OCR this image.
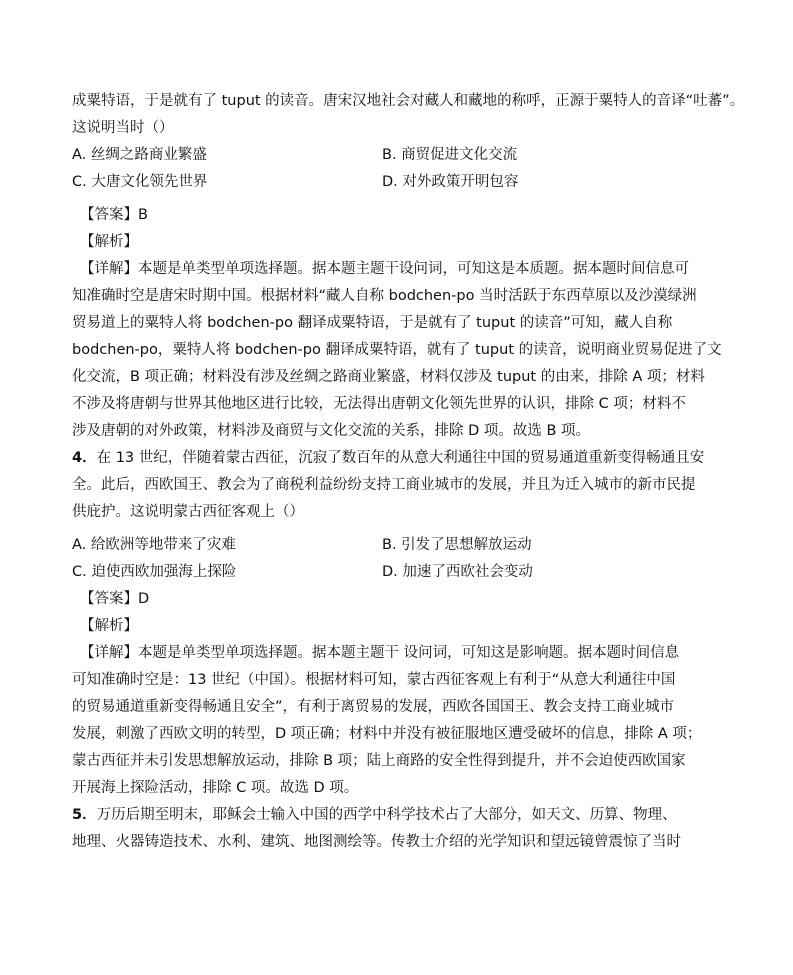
成粟特语，于是就有了 tuput 的读音。唐宋汉地社会对藏人和藏地的称呼，正源于粟特人的音译“吐蕃”。
这说明当时（）
A. 丝绸之路商业繁盛	B. 商贸促进文化交流
C. 大唐文化领先世界	D. 对外政策开明包容
【答案】B
【解析】
【详解】本题是单类型单项选择题。据本题主题干设问词，可知这是本质题。据本题时间信息可
知准确时空是唐宋时期中国。根据材料“藏人自称 bodchen-po 当时活跃于东西草原以及沙漠绿洲
贸易道上的粟特人将 bodchen-po 翻译成粟特语，于是就有了 tuput 的读音”可知，藏人自称
bodchen-po，粟特人将 bodchen-po 翻译成粟特语，就有了 tuput 的读音，说明商业贸易促进了文
化交流，B 项正确；材料没有涉及丝绸之路商业繁盛，材料仅涉及 tuput 的由来，排除 A 项；材料
不涉及将唐朝与世界其他地区进行比较，无法得出唐朝文化领先世界的认识，排除 C 项；材料不
涉及唐朝的对外政策，材料涉及商贸与文化交流的关系，排除 D 项。故选 B 项。
4．在 13 世纪，伴随着蒙古西征，沉寂了数百年的从意大利通往中国的贸易通道重新变得畅通且安
全。此后，西欧国王、教会为了商税利益纷纷支持工商业城市的发展，并且为迁入城市的新市民提
供庇护。这说明蒙古西征客观上（）
A. 给欧洲等地带来了灾难	B. 引发了思想解放运动
C. 迫使西欧加强海上探险	D. 加速了西欧社会变动
【答案】D
【解析】
【详解】本题是单类型单项选择题。据本题主题干 设问词，可知这是影响题。据本题时间信息
可知准确时空是：13 世纪（中国）。根据材料可知，蒙古西征客观上有利于“从意大利通往中国
的贸易通道重新变得畅通且安全”，有利于离贸易的发展，西欧各国国王、教会支持工商业城市
发展，刺激了西欧文明的转型，D 项正确；材料中并没有被征服地区遭受破坏的信息，排除 A 项；
蒙古西征并未引发思想解放运动，排除 B 项；陆上商路的安全性得到提升，并不会迫使西欧国家
开展海上探险活动，排除 C 项。故选 D 项。
5．万历后期至明末，耶稣会士输入中国的西学中科学技术占了大部分，如天文、历算、物理、
地理、火器铸造技术、水利、建筑、地图测绘等。传教士介绍的光学知识和望远镜曾震惊了当时
